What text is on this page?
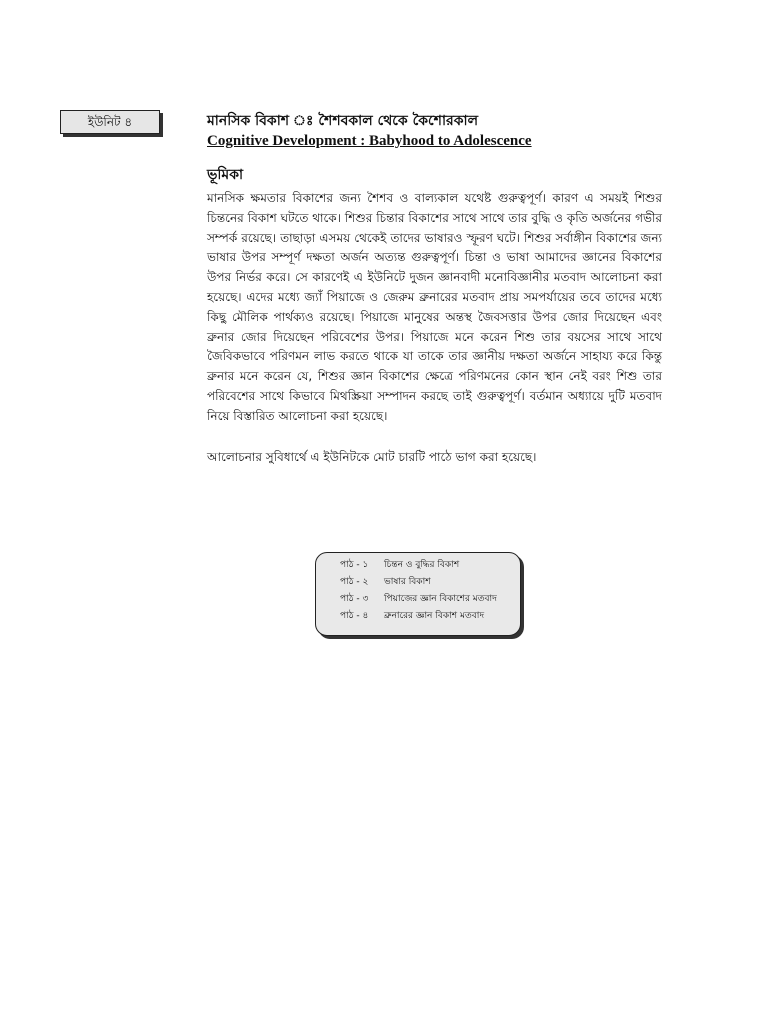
ইউনিট ৪	মানসিক বিকাশ ঃ শৈশবকাল থেকে কৈশোরকাল
Cognitive Development : Babyhood to Adolescence
ভূমিকা

মানসিক ক্ষমতার বিকাশের জন্য শৈশব ও বাল্যকাল যথেষ্ট গুরুত্বপূর্ণ। কারণ এ সময়ই শিশুর চিন্তনের বিকাশ ঘটতে থাকে। শিশুর চিন্তার বিকাশের সাথে সাথে তার বুদ্ধি ও কৃতি অর্জনের গভীর সম্পর্ক রয়েছে। তাছাড়া এসময় থেকেই তাদের ভাষারও স্ফূরণ ঘটে। শিশুর সর্বাঙ্গীন বিকাশের জন্য ভাষার উপর সম্পূর্ণ দক্ষতা অর্জন অত্যন্ত গুরুত্বপূর্ণ। চিন্তা ও ভাষা আমাদের জ্ঞানের বিকাশের উপর নির্ভর করে। সে কারণেই এ ইউনিটে দুজন জ্ঞানবাদী মনোবিজ্ঞানীর মতবাদ আলোচনা করা হয়েছে। এদের মধ্যে জ্যাঁ পিয়াজে ও জেরুম ব্রুনারের মতবাদ প্রায় সমপর্যায়ের তবে তাদের মধ্যে কিছু মৌলিক পার্থক্যও রয়েছে। পিয়াজে মানুষের অন্তস্থ জৈবসত্তার উপর জোর দিয়েছেন এবং ব্রুনার জোর দিয়েছেন পরিবেশের উপর। পিয়াজে মনে করেন শিশু তার বয়সের সাথে সাথে জৈবিকভাবে পরিণমন লাভ করতে থাকে যা তাকে তার জ্ঞানীয় দক্ষতা অর্জনে সাহায্য করে কিন্তু ব্রুনার মনে করেন যে, শিশুর জ্ঞান বিকাশের ক্ষেত্রে পরিণমনের কোন স্থান নেই বরং শিশু তার পরিবেশের সাথে কিভাবে মিথস্ক্রিয়া সম্পাদন করছে তাই গুরুত্বপূর্ণ। বর্তমান অধ্যায়ে দুটি মতবাদ নিয়ে বিস্তারিত আলোচনা করা হয়েছে।

আলোচনার সুবিধার্থে এ ইউনিটকে মোট চারটি পাঠে ভাগ করা হয়েছে।

পাঠ - ১ চিন্তন ও বুদ্ধির বিকাশ
পাঠ - ২ ভাষার বিকাশ
পাঠ - ৩ পিয়াজের জ্ঞান বিকাশের মতবাদ
পাঠ - ৪ ব্রুনারের জ্ঞান বিকাশ মতবাদ
